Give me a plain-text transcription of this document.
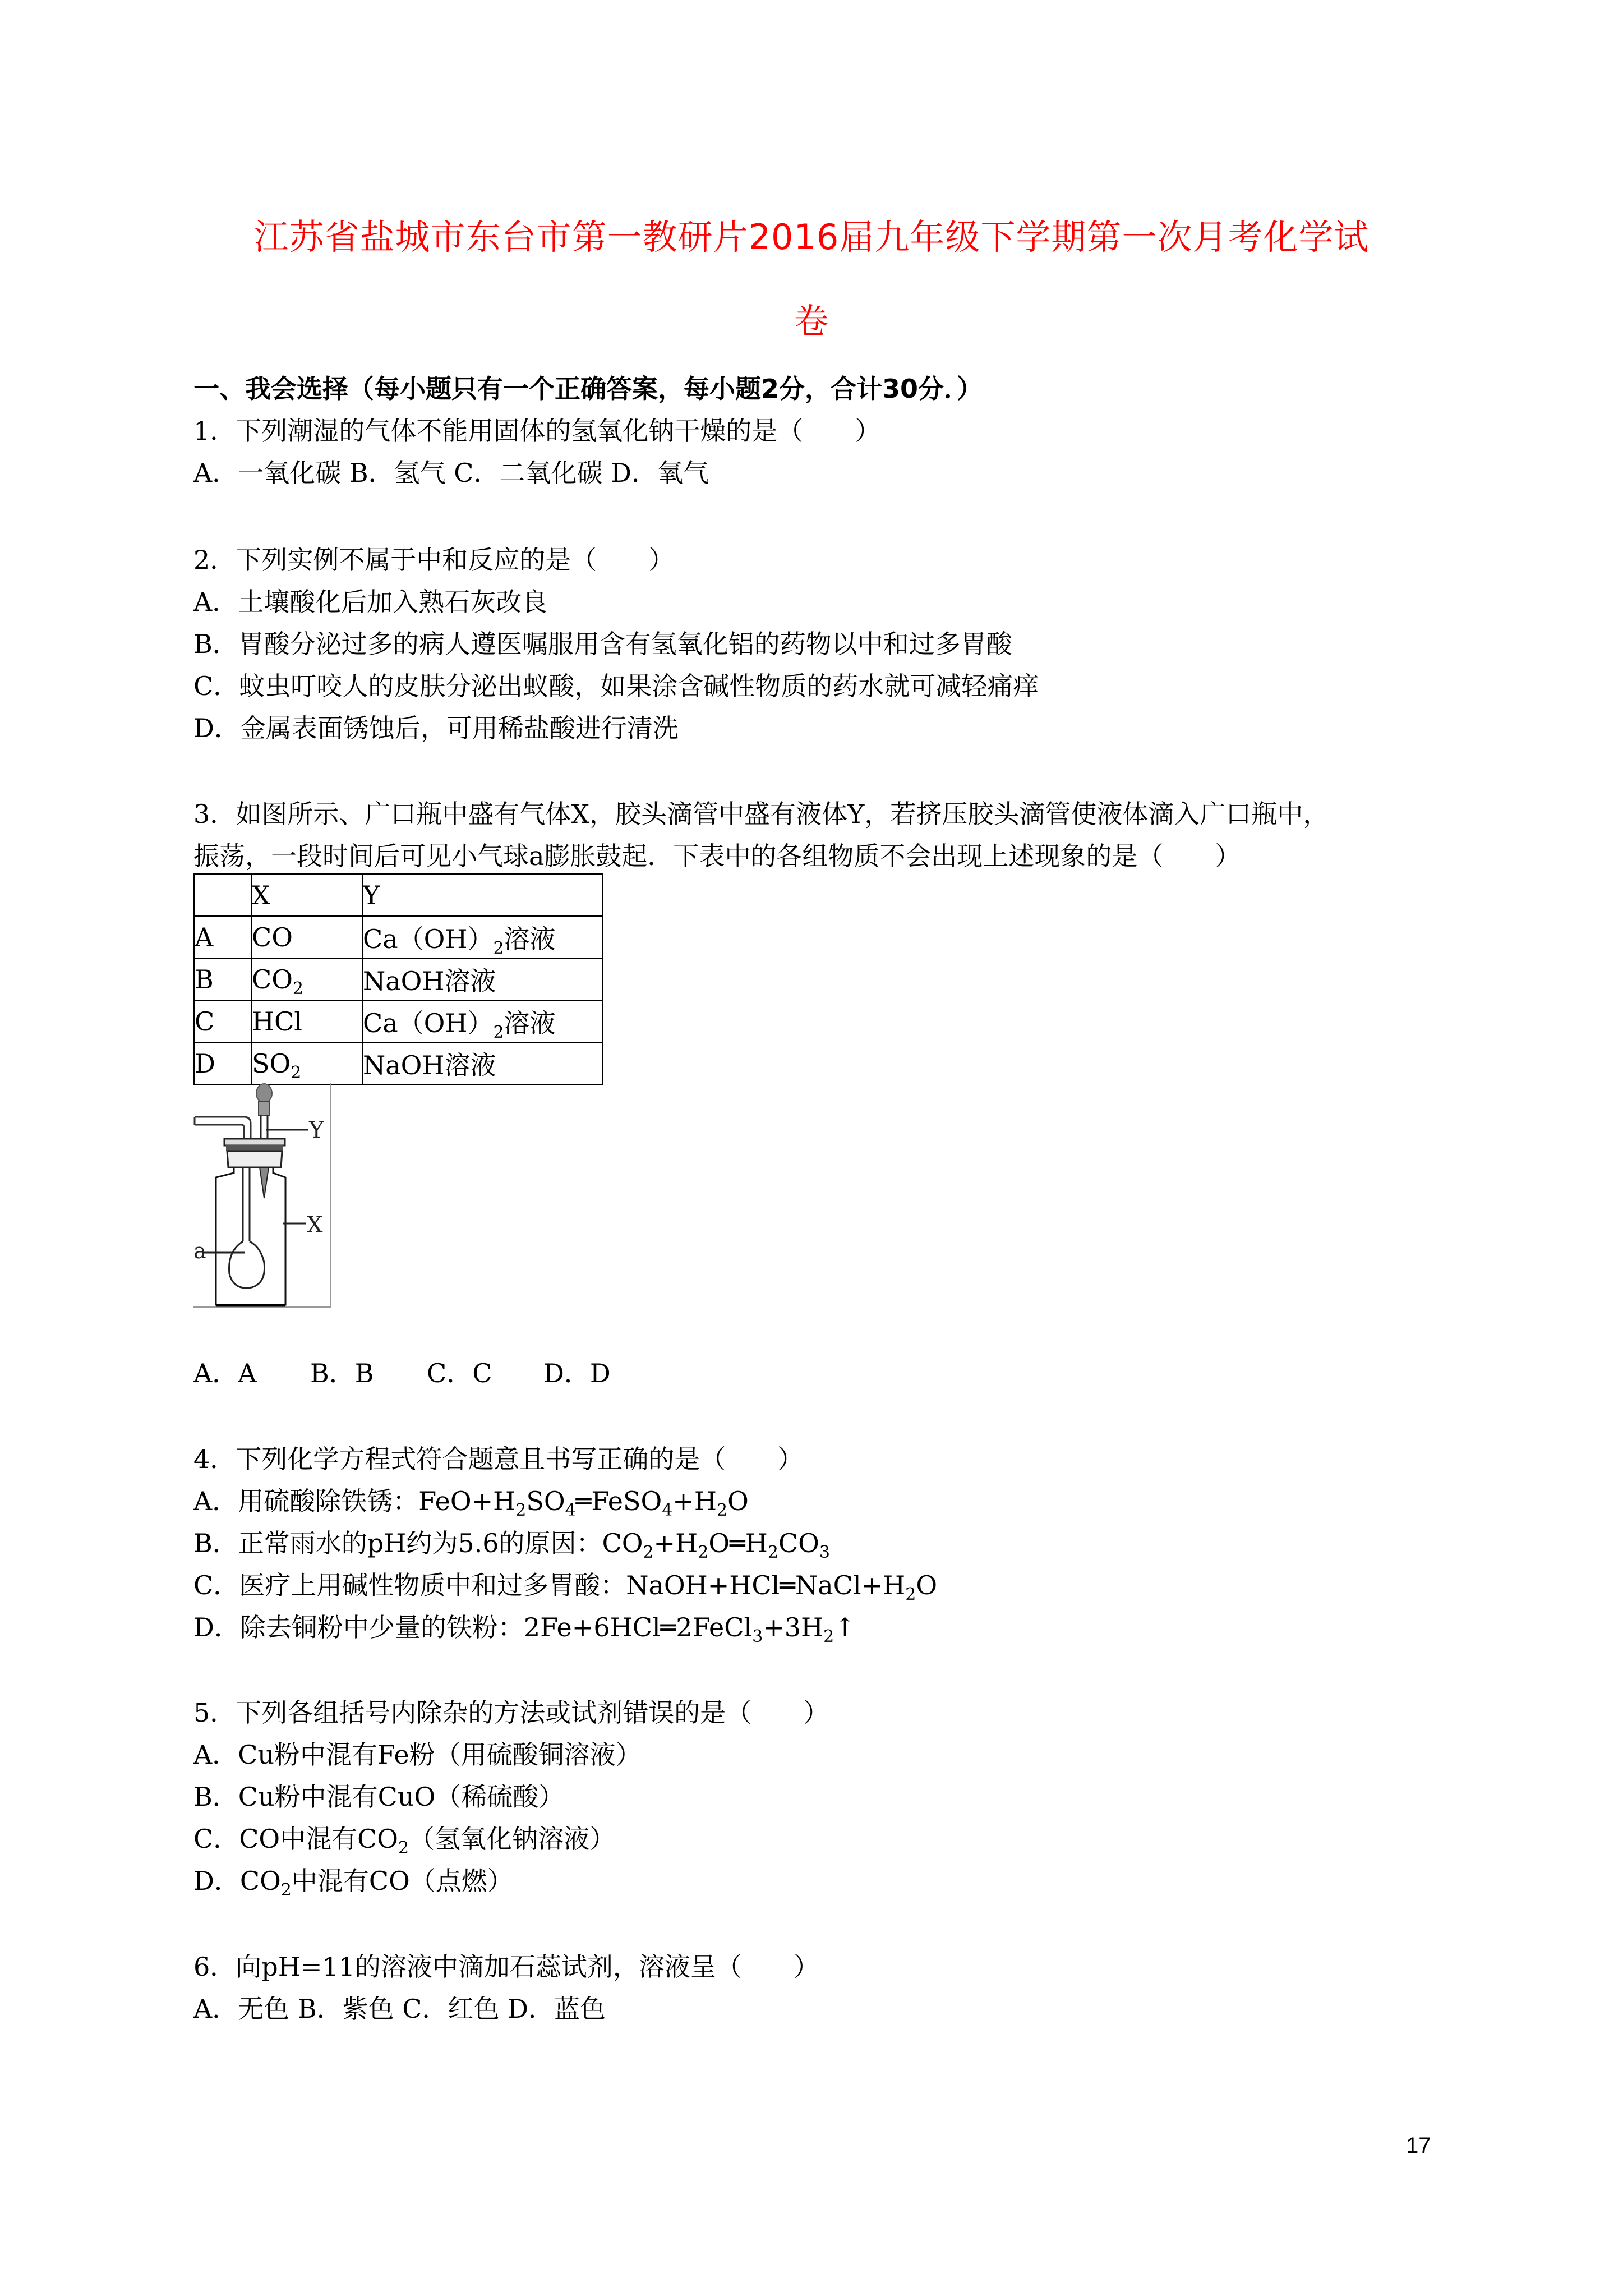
江苏省盐城市东台市第一教研片2016届九年级下学期第一次月考化学试
卷
一、我会选择（每小题只有一个正确答案，每小题2分，合计30分．）
1．下列潮湿的气体不能用固体的氢氧化钠干燥的是（　　）
A．一氧化碳 B．氢气 C．二氧化碳 D．氧气
2．下列实例不属于中和反应的是（　　）
A．土壤酸化后加入熟石灰改良
B．胃酸分泌过多的病人遵医嘱服用含有氢氧化铝的药物以中和过多胃酸
C．蚊虫叮咬人的皮肤分泌出蚁酸，如果涂含碱性物质的药水就可减轻痛痒
D．金属表面锈蚀后，可用稀盐酸进行清洗
3．如图所示、广口瓶中盛有气体X，胶头滴管中盛有液体Y，若挤压胶头滴管使液体滴入广口瓶中，
振荡，一段时间后可见小气球a膨胀鼓起．下表中的各组物质不会出现上述现象的是（　　）
	X	Y
A	CO	$Ca(OH)_2$溶液
B	$CO_2$	NaOH溶液
C	HCl	$Ca(OH)_2$溶液
D	$SO_2$	NaOH溶液
Y
X
a
A．A B．B C．C D．D
4．下列化学方程式符合题意且书写正确的是（　　）
A．用硫酸除铁锈：$FeO+H_2SO_4═FeSO_4+H_2O$
B．正常雨水的pH约为5.6的原因：$CO_2+H_2O═H_2CO_3$
C．医疗上用碱性物质中和过多胃酸：$NaOH+HCl═NaCl+H_2O$
D．除去铜粉中少量的铁粉：$2Fe+6HCl═2FeCl_3+3H_2↑$
5．下列各组括号内除杂的方法或试剂错误的是（　　）
A．Cu粉中混有Fe粉（用硫酸铜溶液）
B．Cu粉中混有CuO（稀硫酸）
C．CO中混有$CO_2$（氢氧化钠溶液）
D．$CO_2$中混有CO（点燃）
6．向pH=11的溶液中滴加石蕊试剂，溶液呈（　　）
A．无色 B．紫色 C．红色 D．蓝色
17
